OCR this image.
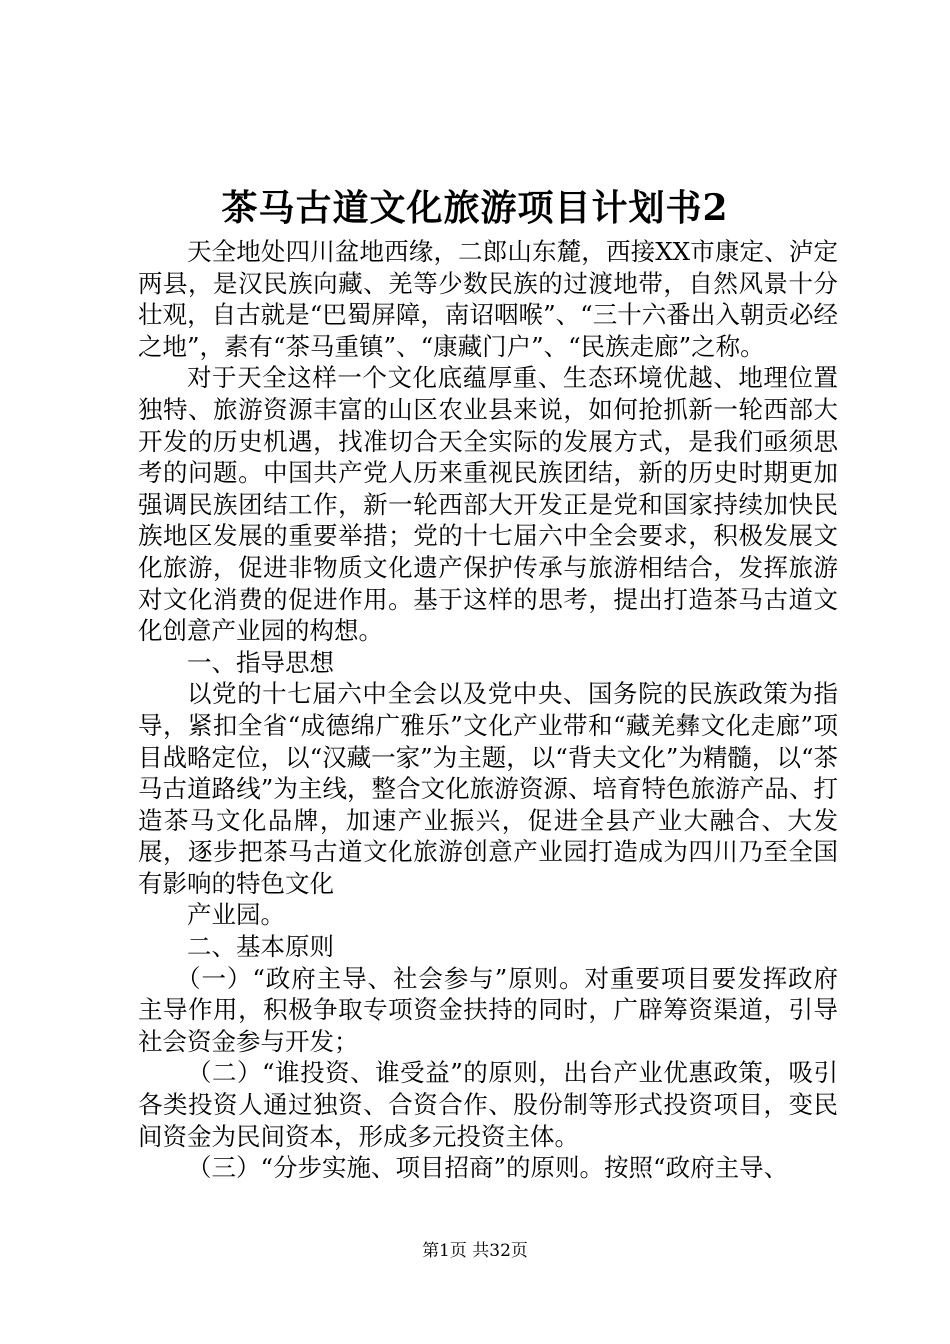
茶马古道文化旅游项目计划书2

天全地处四川盆地西缘，二郎山东麓，西接XX市康定、泸定两县，是汉民族向藏、羌等少数民族的过渡地带，自然风景十分壮观，自古就是“巴蜀屏障，南诏咽喉”、“三十六番出入朝贡必经之地”，素有“茶马重镇”、“康藏门户”、“民族走廊”之称。

对于天全这样一个文化底蕴厚重、生态环境优越、地理位置独特、旅游资源丰富的山区农业县来说，如何抢抓新一轮西部大开发的历史机遇，找准切合天全实际的发展方式，是我们亟须思考的问题。中国共产党人历来重视民族团结，新的历史时期更加强调民族团结工作，新一轮西部大开发正是党和国家持续加快民族地区发展的重要举措；党的十七届六中全会要求，积极发展文化旅游，促进非物质文化遗产保护传承与旅游相结合，发挥旅游对文化消费的促进作用。基于这样的思考，提出打造茶马古道文化创意产业园的构想。

一、指导思想

以党的十七届六中全会以及党中央、国务院的民族政策为指导，紧扣全省“成德绵广雅乐”文化产业带和“藏羌彝文化走廊”项目战略定位，以“汉藏一家”为主题，以“背夫文化”为精髓，以“茶马古道路线”为主线，整合文化旅游资源、培育特色旅游产品、打造茶马文化品牌，加速产业振兴，促进全县产业大融合、大发展，逐步把茶马古道文化旅游创意产业园打造成为四川乃至全国有影响的特色文化

产业园。

二、基本原则

（一）“政府主导、社会参与”原则。对重要项目要发挥政府主导作用，积极争取专项资金扶持的同时，广辟筹资渠道，引导社会资金参与开发；

（二）“谁投资、谁受益”的原则，出台产业优惠政策，吸引各类投资人通过独资、合资合作、股份制等形式投资项目，变民间资金为民间资本，形成多元投资主体。

（三）“分步实施、项目招商”的原则。按照“政府主导、

第1页 共32页
